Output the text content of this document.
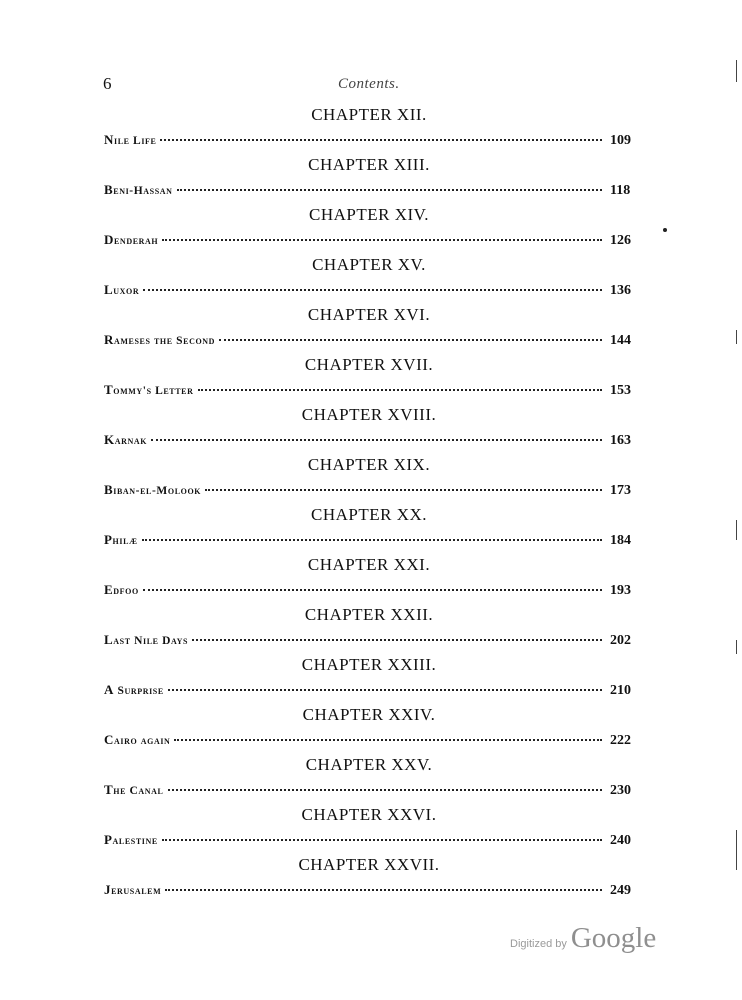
6	Contents.
CHAPTER XII.
Nile Life	109
CHAPTER XIII.
Beni-Hassan	118
CHAPTER XIV.
Denderah	126
CHAPTER XV.
Luxor	136
CHAPTER XVI.
Rameses the Second	144
CHAPTER XVII.
Tommy's Letter	153
CHAPTER XVIII.
Karnak	163
CHAPTER XIX.
Biban-el-Molook	173
CHAPTER XX.
Philæ	184
CHAPTER XXI.
Edfoo	193
CHAPTER XXII.
Last Nile Days	202
CHAPTER XXIII.
A Surprise	210
CHAPTER XXIV.
Cairo again	222
CHAPTER XXV.
The Canal	230
CHAPTER XXVI.
Palestine	240
CHAPTER XXVII.
Jerusalem	249
Digitized by Google
